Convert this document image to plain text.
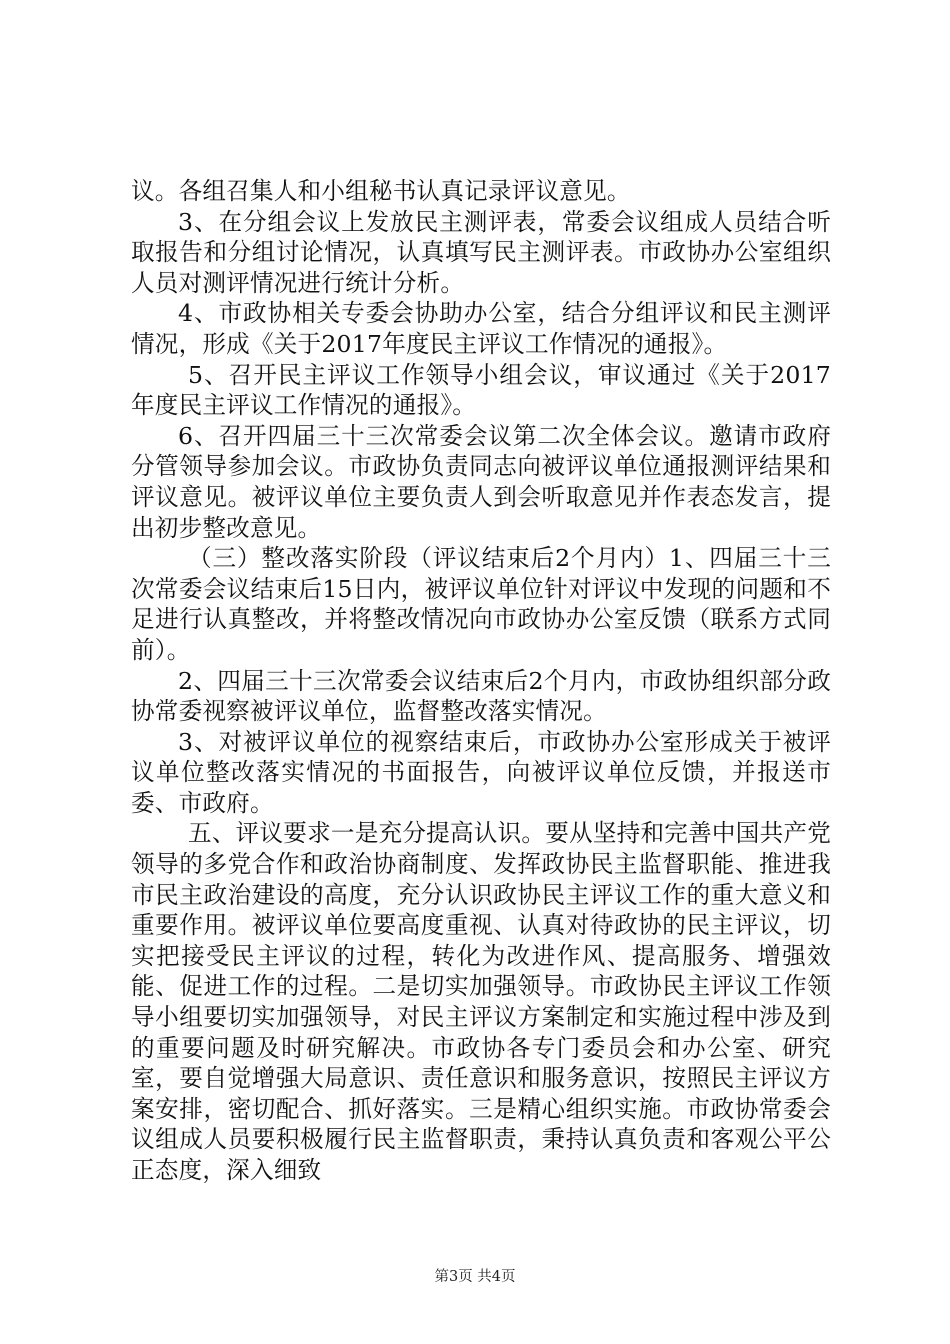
议。各组召集人和小组秘书认真记录评议意见。

3、在分组会议上发放民主测评表，常委会议组成人员结合听取报告和分组讨论情况，认真填写民主测评表。市政协办公室组织人员对测评情况进行统计分析。

4、市政协相关专委会协助办公室，结合分组评议和民主测评情况，形成《关于2017年度民主评议工作情况的通报》。

5、召开民主评议工作领导小组会议，审议通过《关于2017年度民主评议工作情况的通报》。

6、召开四届三十三次常委会议第二次全体会议。邀请市政府分管领导参加会议。市政协负责同志向被评议单位通报测评结果和评议意见。被评议单位主要负责人到会听取意见并作表态发言，提出初步整改意见。

（三）整改落实阶段（评议结束后2个月内）1、四届三十三次常委会议结束后15日内，被评议单位针对评议中发现的问题和不足进行认真整改，并将整改情况向市政协办公室反馈（联系方式同前）。

2、四届三十三次常委会议结束后2个月内，市政协组织部分政协常委视察被评议单位，监督整改落实情况。

3、对被评议单位的视察结束后，市政协办公室形成关于被评议单位整改落实情况的书面报告，向被评议单位反馈，并报送市委、市政府。

五、评议要求一是充分提高认识。要从坚持和完善中国共产党领导的多党合作和政治协商制度、发挥政协民主监督职能、推进我市民主政治建设的高度，充分认识政协民主评议工作的重大意义和重要作用。被评议单位要高度重视、认真对待政协的民主评议，切实把接受民主评议的过程，转化为改进作风、提高服务、增强效能、促进工作的过程。二是切实加强领导。市政协民主评议工作领导小组要切实加强领导，对民主评议方案制定和实施过程中涉及到的重要问题及时研究解决。市政协各专门委员会和办公室、研究室，要自觉增强大局意识、责任意识和服务意识，按照民主评议方案安排，密切配合、抓好落实。三是精心组织实施。市政协常委会议组成人员要积极履行民主监督职责，秉持认真负责和客观公平公正态度，深入细致

第3页 共4页
